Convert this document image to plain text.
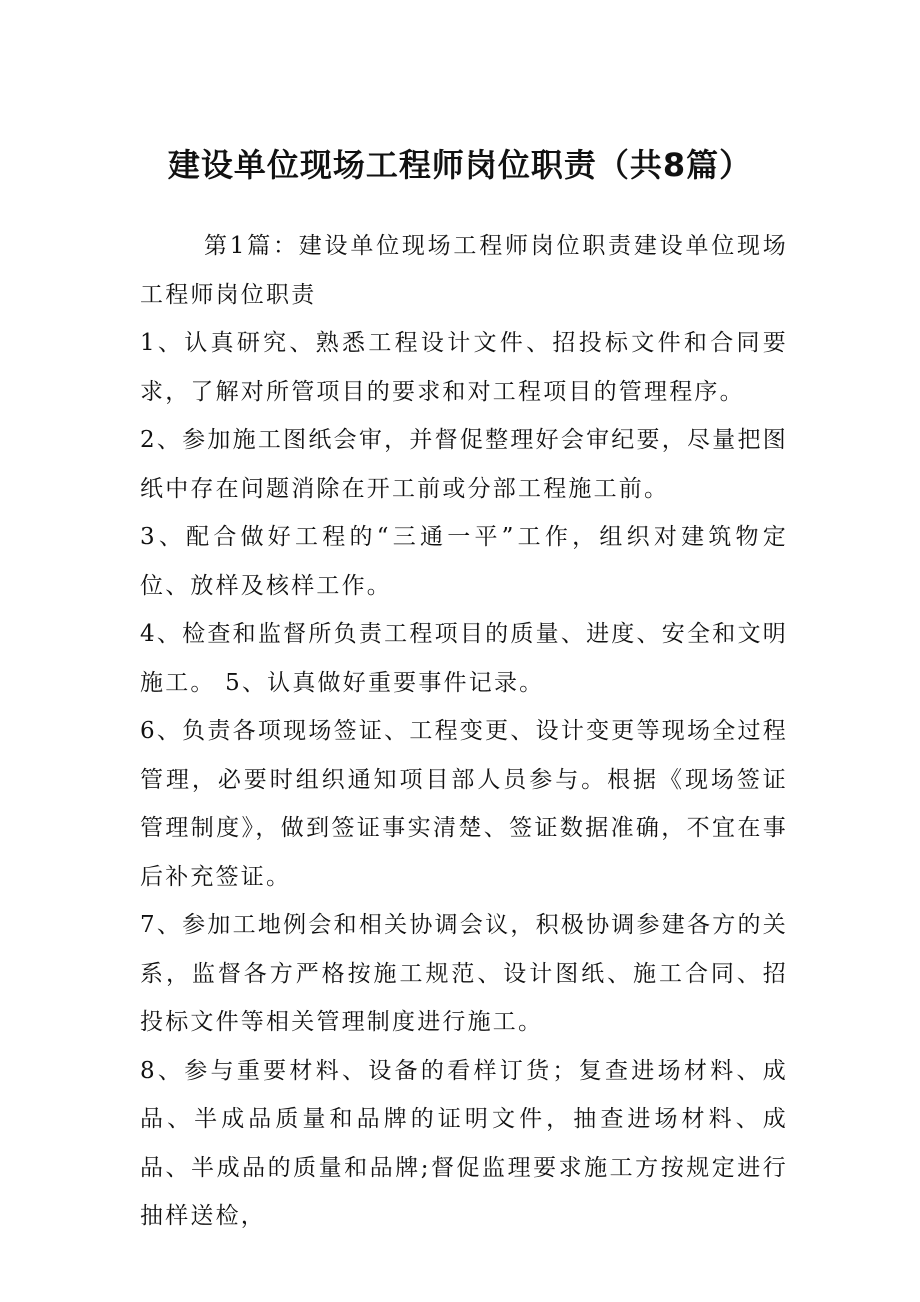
建设单位现场工程师岗位职责（共8篇）

第1篇：建设单位现场工程师岗位职责建设单位现场工程师岗位职责

1、认真研究、熟悉工程设计文件、招投标文件和合同要求，了解对所管项目的要求和对工程项目的管理程序。

2、参加施工图纸会审，并督促整理好会审纪要，尽量把图纸中存在问题消除在开工前或分部工程施工前。

3、配合做好工程的“三通一平”工作，组织对建筑物定位、放样及核样工作。

4、检查和监督所负责工程项目的质量、进度、安全和文明施工。 5、认真做好重要事件记录。

6、负责各项现场签证、工程变更、设计变更等现场全过程管理，必要时组织通知项目部人员参与。根据《现场签证管理制度》，做到签证事实清楚、签证数据准确，不宜在事后补充签证。

7、参加工地例会和相关协调会议，积极协调参建各方的关系，监督各方严格按施工规范、设计图纸、施工合同、招投标文件等相关管理制度进行施工。

8、参与重要材料、设备的看样订货；复查进场材料、成品、半成品质量和品牌的证明文件，抽查进场材料、成品、半成品的质量和品牌;督促监理要求施工方按规定进行抽样送检，
